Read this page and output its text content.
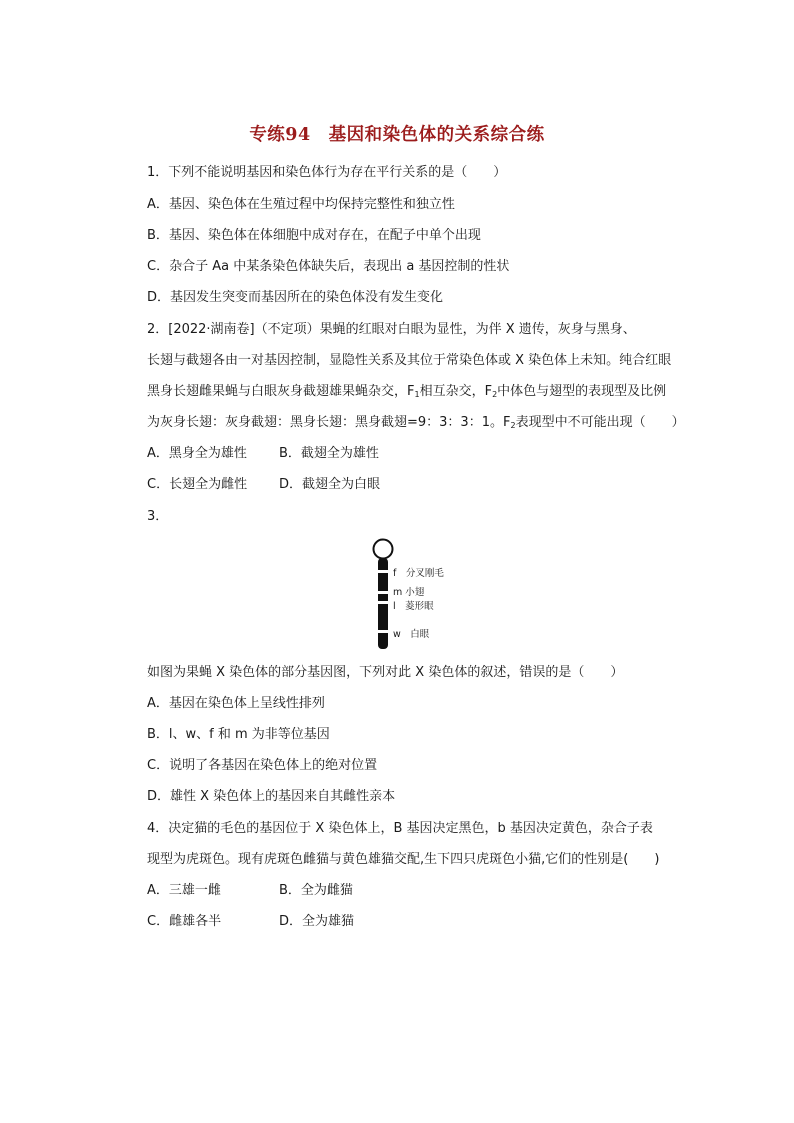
专练94　基因和染色体的关系综合练
1．下列不能说明基因和染色体行为存在平行关系的是（　　）
A．基因、染色体在生殖过程中均保持完整性和独立性
B．基因、染色体在体细胞中成对存在，在配子中单个出现
C．杂合子 Aa 中某条染色体缺失后，表现出 a 基因控制的性状
D．基因发生突变而基因所在的染色体没有发生变化
2．[2022·湖南卷]（不定项）果蝇的红眼对白眼为显性，为伴 X 遗传，灰身与黑身、
长翅与截翅各由一对基因控制，显隐性关系及其位于常染色体或 X 染色体上未知。纯合红眼
黑身长翅雌果蝇与白眼灰身截翅雄果蝇杂交，$F_1$相互杂交，$F_2$中体色与翅型的表现型及比例
为灰身长翅：灰身截翅：黑身长翅：黑身截翅=9：3：3：1。$F_2$表现型中不可能出现（　　）
A．黑身全为雄性 B．截翅全为雄性
C．长翅全为雌性 D．截翅全为白眼
3．
f　分叉刚毛
m 小翅
l　菱形眼
w　白眼
如图为果蝇 X 染色体的部分基因图，下列对此 X 染色体的叙述，错误的是（　　）
A．基因在染色体上呈线性排列
B．l、w、f 和 m 为非等位基因
C．说明了各基因在染色体上的绝对位置
D．雄性 X 染色体上的基因来自其雌性亲本
4．决定猫的毛色的基因位于 X 染色体上，B 基因决定黑色，b 基因决定黄色，杂合子表
现型为虎斑色。现有虎斑色雌猫与黄色雄猫交配,生下四只虎斑色小猫,它们的性别是(　　)
A．三雄一雌	B．全为雌猫
C．雌雄各半	D．全为雄猫
